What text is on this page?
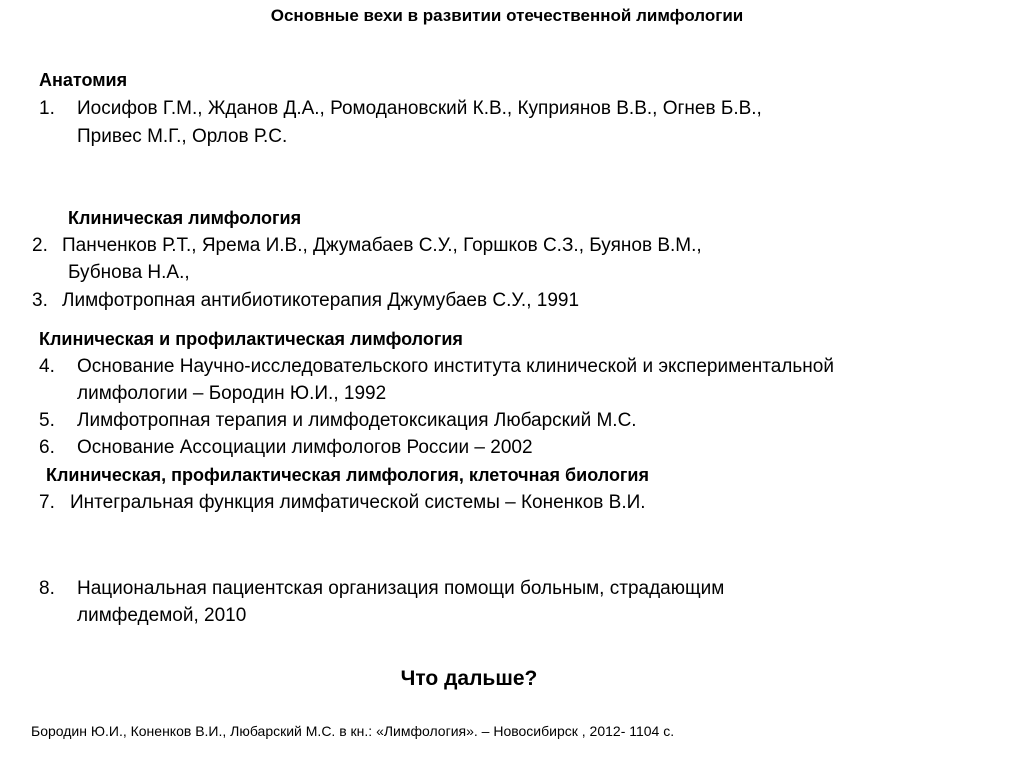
Основные вехи в развитии отечественной лимфологии
Анатомия
1. Иосифов Г.М., Жданов Д.А., Ромодановский К.В., Куприянов В.В., Огнев Б.В.,
Привес М.Г., Орлов Р.С.
Клиническая лимфология
2. Панченков Р.Т., Ярема И.В., Джумабаев С.У., Горшков С.З., Буянов В.М.,
Бубнова Н.А.,
3. Лимфотропная антибиотикотерапия Джумубаев С.У., 1991
Клиническая и профилактическая лимфология
4. Основание Научно-исследовательского института клинической и экспериментальной
лимфологии – Бородин Ю.И., 1992
5. Лимфотропная терапия и лимфодетоксикация Любарский М.С.
6. Основание Ассоциации лимфологов России – 2002
Клиническая, профилактическая лимфология, клеточная биология
7. Интегральная функция лимфатической системы – Коненков В.И.
8. Национальная пациентская организация помощи больным, страдающим
лимфедемой, 2010
Что дальше?
Бородин Ю.И., Коненков В.И., Любарский М.С. в кн.: «Лимфология». – Новосибирск , 2012- 1104 с.
